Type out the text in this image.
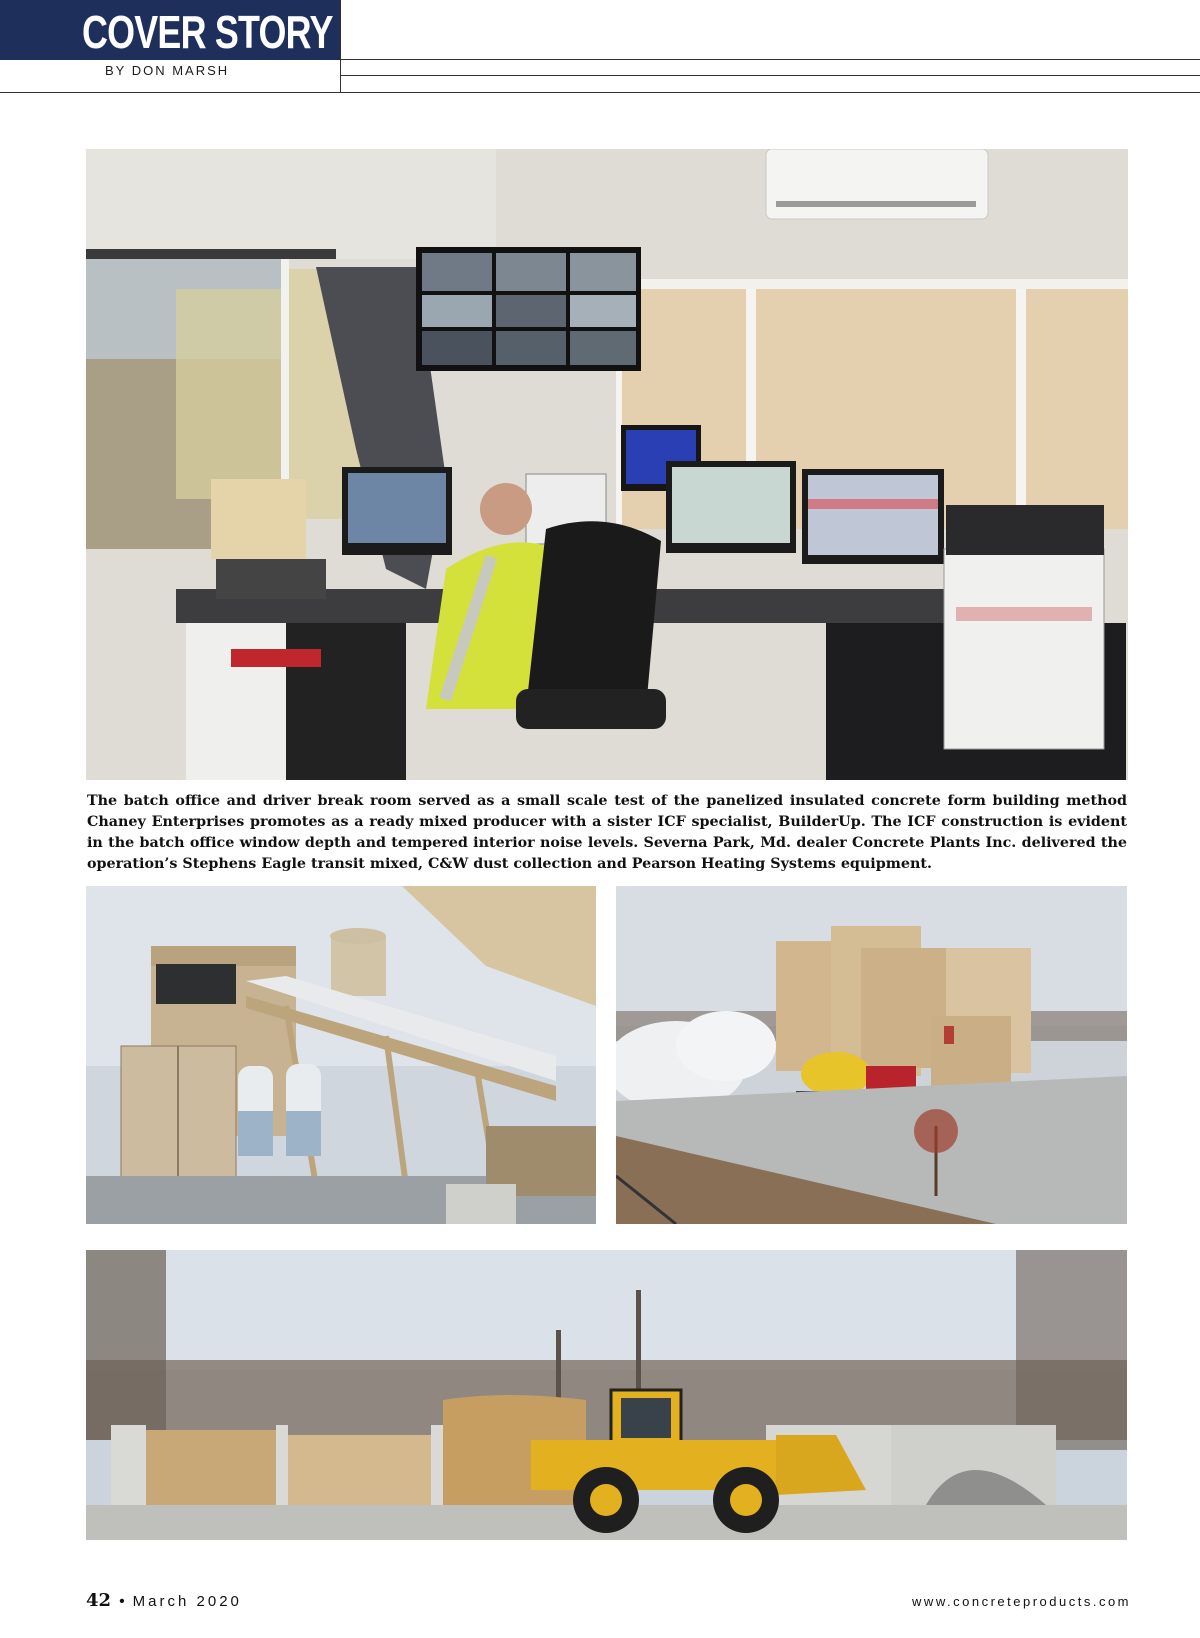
COVER STORY
BY DON MARSH

The batch office and driver break room served as a small scale test of the panelized insulated concrete form building method Chaney Enterprises promotes as a ready mixed producer with a sister ICF specialist, BuilderUp. The ICF construction is evident in the batch office window depth and tempered interior noise levels. Severna Park, Md. dealer Concrete Plants Inc. delivered the operation’s Stephens Eagle transit mixed, C&W dust collection and Pearson Heating Systems equipment.

42 • March 2020	www.concreteproducts.com
